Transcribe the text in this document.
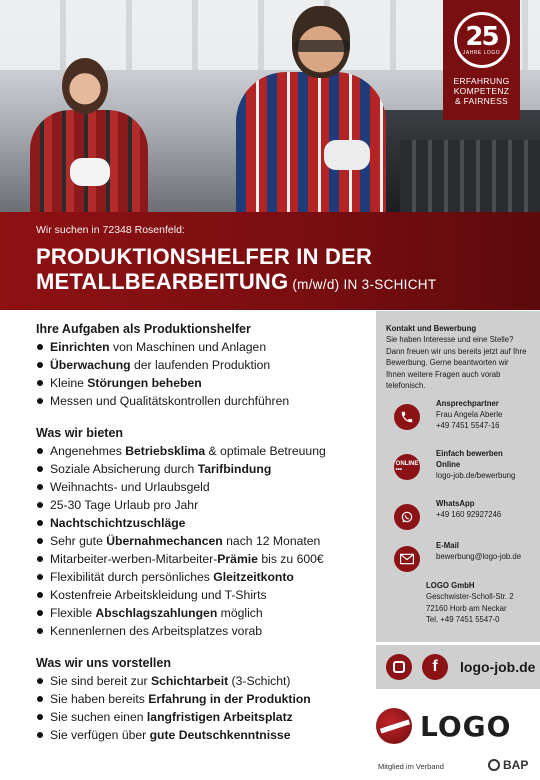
25
JAHRE LOGO
ERFAHRUNG
KOMPETENZ
& FAIRNESS
Wir suchen in 72348 Rosenfeld:
PRODUKTIONSHELFER IN DER
METALLBEARBEITUNG (m/w/d) IN 3-SCHICHT
Ihre Aufgaben als Produktionshelfer
Einrichten von Maschinen und Anlagen
Überwachung der laufenden Produktion
Kleine Störungen beheben
Messen und Qualitätskontrollen durchführen
Was wir bieten
Angenehmes Betriebsklima & optimale Betreuung
Soziale Absicherung durch Tarifbindung
Weihnachts- und Urlaubsgeld
25-30 Tage Urlaub pro Jahr
Nachtschichtzuschläge
Sehr gute Übernahmechancen nach 12 Monaten
Mitarbeiter-werben-Mitarbeiter-Prämie bis zu 600€
Flexibilität durch persönliches Gleitzeitkonto
Kostenfreie Arbeitskleidung und T-Shirts
Flexible Abschlagszahlungen möglich
Kennenlernen des Arbeitsplatzes vorab
Was wir uns vorstellen
Sie sind bereit zur Schichtarbeit (3-Schicht)
Sie haben bereits Erfahrung in der Produktion
Sie suchen einen langfristigen Arbeitsplatz
Sie verfügen über gute Deutschkenntnisse
Kontakt und Bewerbung
Sie haben Interesse und eine Stelle? Dann freuen wir uns bereits jetzt auf Ihre Bewerbung. Gerne beantworten wir Ihnen weitere Fragen auch vorab telefonisch.
Ansprechpartner
Frau Angela Aberle
+49 7451 5547-16
ONLINE
•••
Einfach bewerben
Online
logo-job.de/bewerbung
WhatsApp
+49 160 92927246
E-Mail
bewerbung@logo-job.de
LOGO GmbH
Geschwister-Scholl-Str. 2
72160 Horb am Neckar
Tel. +49 7451 5547-0
f	logo-job.de
LOGO
Mitglied im Verband	BAP
